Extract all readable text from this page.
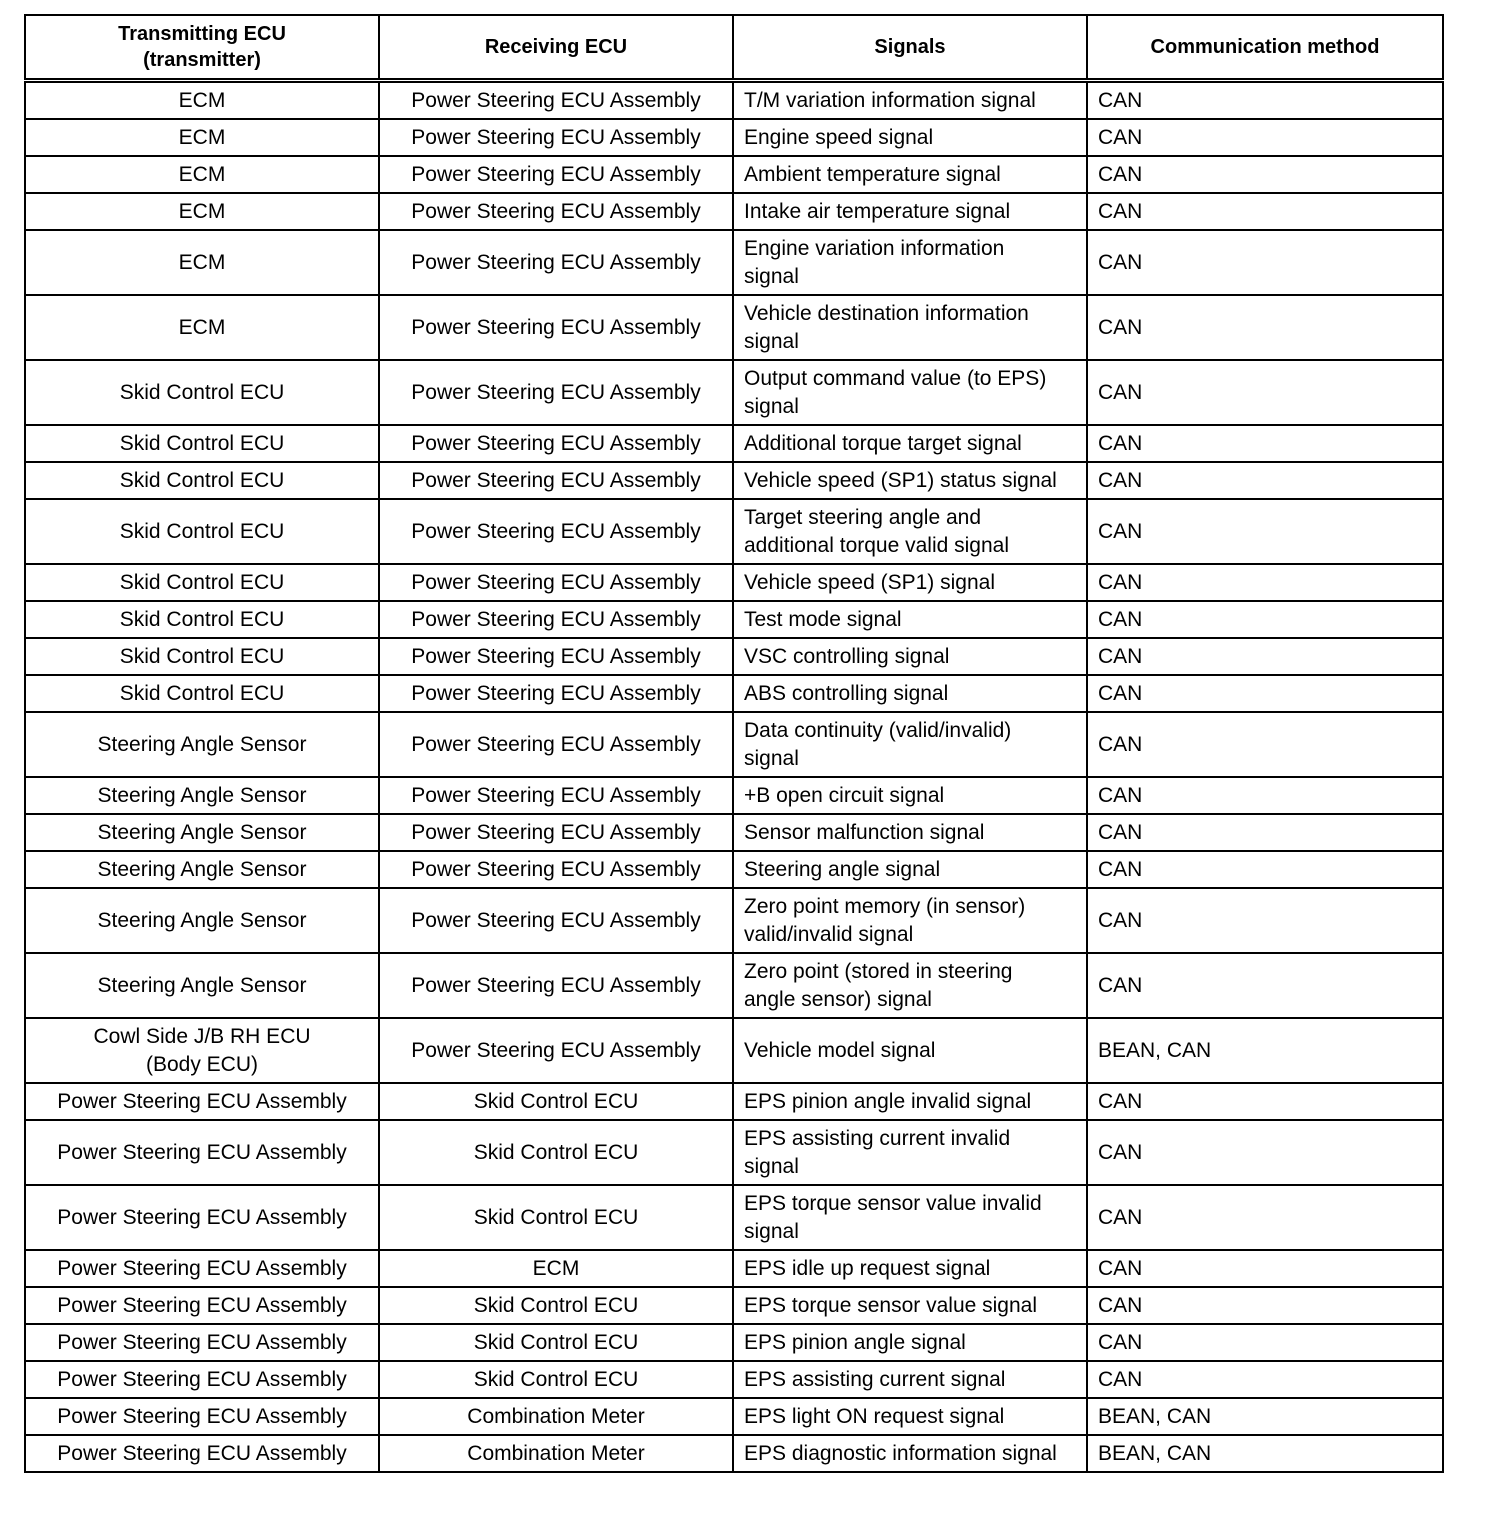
Transmitting ECU
(transmitter)	Receiving ECU	Signals	Communication method

ECM	Power Steering ECU Assembly	T/M variation information signal	CAN

ECM	Power Steering ECU Assembly	Engine speed signal	CAN

ECM	Power Steering ECU Assembly	Ambient temperature signal	CAN

ECM	Power Steering ECU Assembly	Intake air temperature signal	CAN

ECM	Power Steering ECU Assembly	Engine variation information
signal	CAN

ECM	Power Steering ECU Assembly	Vehicle destination information
signal	CAN

Skid Control ECU	Power Steering ECU Assembly	Output command value (to EPS)
signal	CAN

Skid Control ECU	Power Steering ECU Assembly	Additional torque target signal	CAN

Skid Control ECU	Power Steering ECU Assembly	Vehicle speed (SP1) status signal	CAN

Skid Control ECU	Power Steering ECU Assembly	Target steering angle and
additional torque valid signal	CAN

Skid Control ECU	Power Steering ECU Assembly	Vehicle speed (SP1) signal	CAN

Skid Control ECU	Power Steering ECU Assembly	Test mode signal	CAN

Skid Control ECU	Power Steering ECU Assembly	VSC controlling signal	CAN

Skid Control ECU	Power Steering ECU Assembly	ABS controlling signal	CAN

Steering Angle Sensor	Power Steering ECU Assembly	Data continuity (valid/invalid)
signal	CAN

Steering Angle Sensor	Power Steering ECU Assembly	+B open circuit signal	CAN

Steering Angle Sensor	Power Steering ECU Assembly	Sensor malfunction signal	CAN

Steering Angle Sensor	Power Steering ECU Assembly	Steering angle signal	CAN

Steering Angle Sensor	Power Steering ECU Assembly	Zero point memory (in sensor)
valid/invalid signal	CAN

Steering Angle Sensor	Power Steering ECU Assembly	Zero point (stored in steering
angle sensor) signal	CAN

Cowl Side J/B RH ECU
(Body ECU)	Power Steering ECU Assembly	Vehicle model signal	BEAN, CAN

Power Steering ECU Assembly	Skid Control ECU	EPS pinion angle invalid signal	CAN

Power Steering ECU Assembly	Skid Control ECU	EPS assisting current invalid
signal	CAN

Power Steering ECU Assembly	Skid Control ECU	EPS torque sensor value invalid
signal	CAN

Power Steering ECU Assembly	ECM	EPS idle up request signal	CAN

Power Steering ECU Assembly	Skid Control ECU	EPS torque sensor value signal	CAN

Power Steering ECU Assembly	Skid Control ECU	EPS pinion angle signal	CAN

Power Steering ECU Assembly	Skid Control ECU	EPS assisting current signal	CAN

Power Steering ECU Assembly	Combination Meter	EPS light ON request signal	BEAN, CAN

Power Steering ECU Assembly	Combination Meter	EPS diagnostic information signal	BEAN, CAN
